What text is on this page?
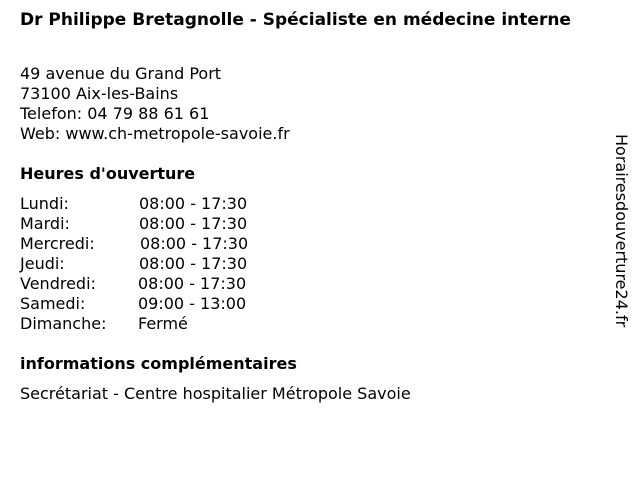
Dr Philippe Bretagnolle - Spécialiste en médecine interne
49 avenue du Grand Port
73100 Aix-les-Bains
Telefon: 04 79 88 61 61
Web: www.ch-metropole-savoie.fr
Heures d'ouverture
Lundi:	08:00 - 17:30
Mardi:	08:00 - 17:30
Mercredi:	08:00 - 17:30
Jeudi:	08:00 - 17:30
Vendredi:	08:00 - 17:30
Samedi:	09:00 - 13:00
Dimanche: Fermé
informations complémentaires
Secrétariat - Centre hospitalier Métropole Savoie
Horairesdouverture24.fr
